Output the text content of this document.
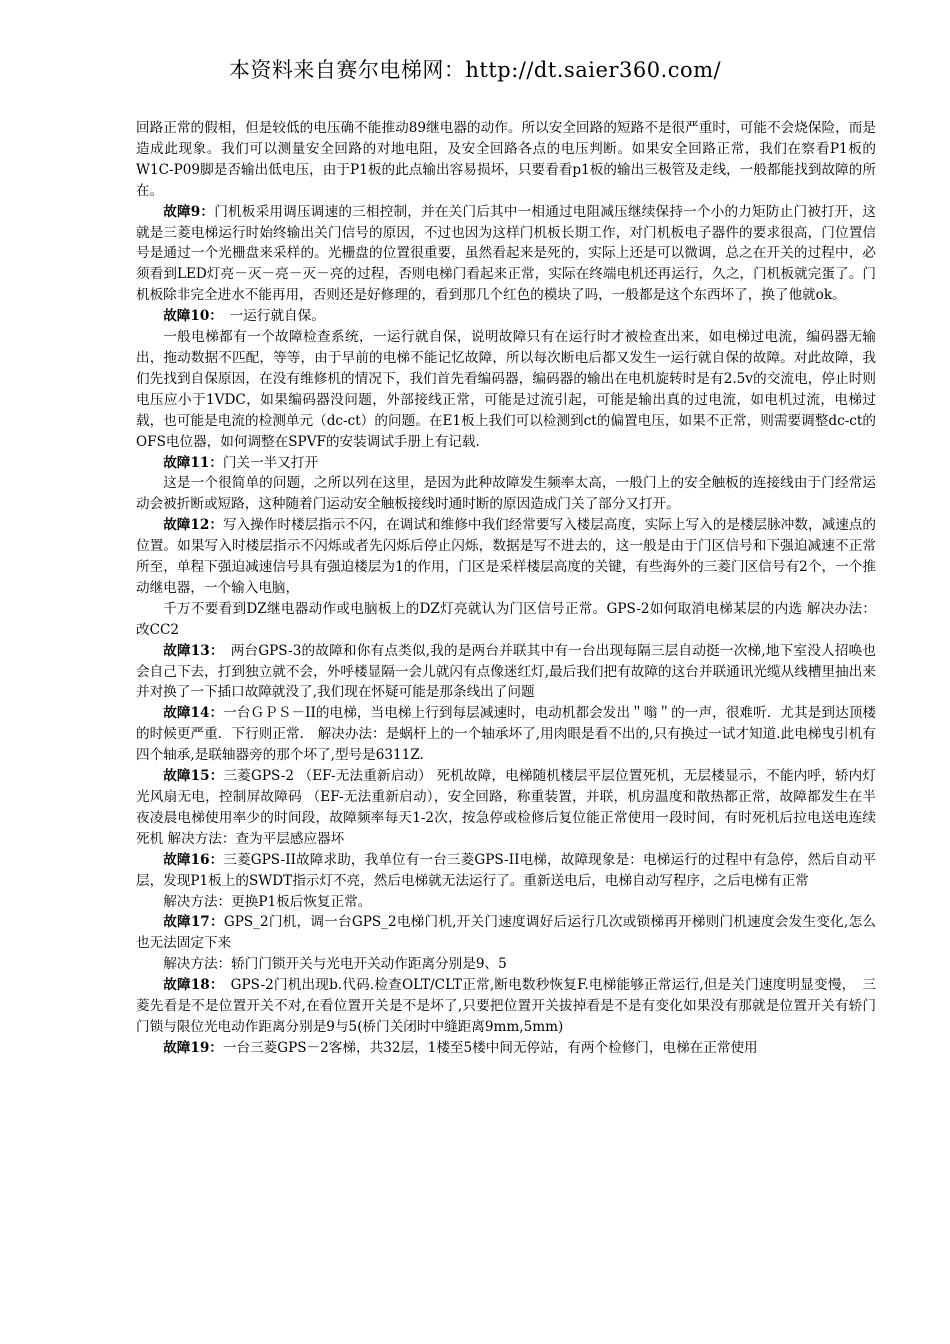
本资料来自赛尔电梯网：http://dt.saier360.com/

回路正常的假相，但是较低的电压确不能推动89继电器的动作。所以安全回路的短路不是很严重时，可能不会烧保险，而是造成此现象。我们可以测量安全回路的对地电阻，及安全回路各点的电压判断。如果安全回路正常，我们在察看P1板的W1C-P09脚是否输出低电压，由于P1板的此点输出容易损坏，只要看看p1板的输出三极管及走线，一般都能找到故障的所在。

故障9：门机板采用调压调速的三相控制，并在关门后其中一相通过电阻减压继续保持一个小的力矩防止门被打开，这就是三菱电梯运行时始终输出关门信号的原因，不过也因为这样门机板长期工作，对门机板电子器件的要求很高，门位置信号是通过一个光栅盘来采样的。光栅盘的位置很重要，虽然看起来是死的，实际上还是可以微调，总之在开关的过程中，必须看到LED灯亮－灭－亮－灭－亮的过程，否则电梯门看起来正常，实际在终端电机还再运行，久之，门机板就完蛋了。门机板除非完全进水不能再用，否则还是好修理的，看到那几个红色的模块了吗，一般都是这个东西坏了，换了他就ok。

故障10：　一运行就自保。

一般电梯都有一个故障检查系统，一运行就自保，说明故障只有在运行时才被检查出来，如电梯过电流，编码器无输出，拖动数据不匹配，等等，由于早前的电梯不能记忆故障，所以每次断电后都又发生一运行就自保的故障。对此故障，我们先找到自保原因，在没有维修机的情况下，我们首先看编码器，编码器的输出在电机旋转时是有2.5v的交流电，停止时则电压应小于1VDC，如果编码器没问题，外部接线正常，可能是过流引起，可能是输出真的过电流，如电机过流，电梯过载，也可能是电流的检测单元（dc-ct）的问题。在E1板上我们可以检测到ct的偏置电压，如果不正常，则需要调整dc-ct的OFS电位器，如何调整在SPVF的安装调试手册上有记载.

故障11：门关一半又打开

这是一个很简单的问题，之所以列在这里，是因为此种故障发生频率太高，一般门上的安全触板的连接线由于门经常运动会被折断或短路，这种随着门运动安全触板接线时通时断的原因造成门关了部分又打开。

故障12：写入操作时楼层指示不闪，在调试和维修中我们经常要写入楼层高度，实际上写入的是楼层脉冲数，减速点的位置。如果写入时楼层指示不闪烁或者先闪烁后停止闪烁，数据是写不进去的，这一般是由于门区信号和下强迫减速不正常所至，单程下强迫减速信号具有强迫楼层为1的作用，门区是采样楼层高度的关键，有些海外的三菱门区信号有2个，一个推动继电器，一个输入电脑，

千万不要看到DZ继电器动作或电脑板上的DZ灯亮就认为门区信号正常。GPS-2如何取消电梯某层的内选 解决办法：改CC2

故障13：　两台GPS-3的故障和你有点类似,我的是两台并联其中有一台出现每隔三层自动挺一次梯,地下室没人招唤也会自己下去，打到独立就不会，外呼楼显隔一会儿就闪有点像迷红灯,最后我们把有故障的这台并联通讯光缆从线槽里抽出来并对换了一下插口故障就没了,我们现在怀疑可能是那条线出了问题

故障14：一台ＧＰＳ－II的电梯，当电梯上行到每层减速时，电动机都会发出＂嗡＂的一声，很难听．尤其是到达顶楼的时候更严重．下行则正常． 解决办法：是蜗杆上的一个轴承坏了,用肉眼是看不出的,只有换过一试才知道.此电梯曳引机有四个轴承,是联轴器旁的那个坏了,型号是6311Z.

故障15：三菱GPS-2 （EF-无法重新启动） 死机故障，电梯随机楼层平层位置死机，无层楼显示，不能内呼，轿内灯光风扇无电，控制屏故障码 （EF-无法重新启动），安全回路，称重装置，并联，机房温度和散热都正常，故障都发生在半夜凌晨电梯使用率少的时间段，故障频率每天1-2次，按急停或检修后复位能正常使用一段时间，有时死机后拉电送电连续死机 解决方法：查为平层感应器坏

故障16：三菱GPS-II故障求助，我单位有一台三菱GPS-II电梯，故障现象是：电梯运行的过程中有急停，然后自动平层，发现P1板上的SWDT指示灯不亮，然后电梯就无法运行了。重新送电后，电梯自动写程序，之后电梯有正常

解决方法：更换P1板后恢复正常。

故障17：GPS_2门机，调一台GPS_2电梯门机,开关门速度调好后运行几次或锁梯再开梯则门机速度会发生变化,怎么也无法固定下来

解决方法：轿门门锁开关与光电开关动作距离分别是9、5

故障18：　GPS-2门机出现b.代码.检查OLT/CLT正常,断电数秒恢复F.电梯能够正常运行,但是关门速度明显变慢，　三菱先看是不是位置开关不对,在看位置开关是不是坏了,只要把位置开关拔掉看是不是有变化如果没有那就是位置开关有轿门门锁与限位光电动作距离分别是9与5(桥门关闭时中缝距离9mm,5mm)

故障19：一台三菱GPS－2客梯，共32层，1楼至5楼中间无停站，有两个检修门，电梯在正常使用
